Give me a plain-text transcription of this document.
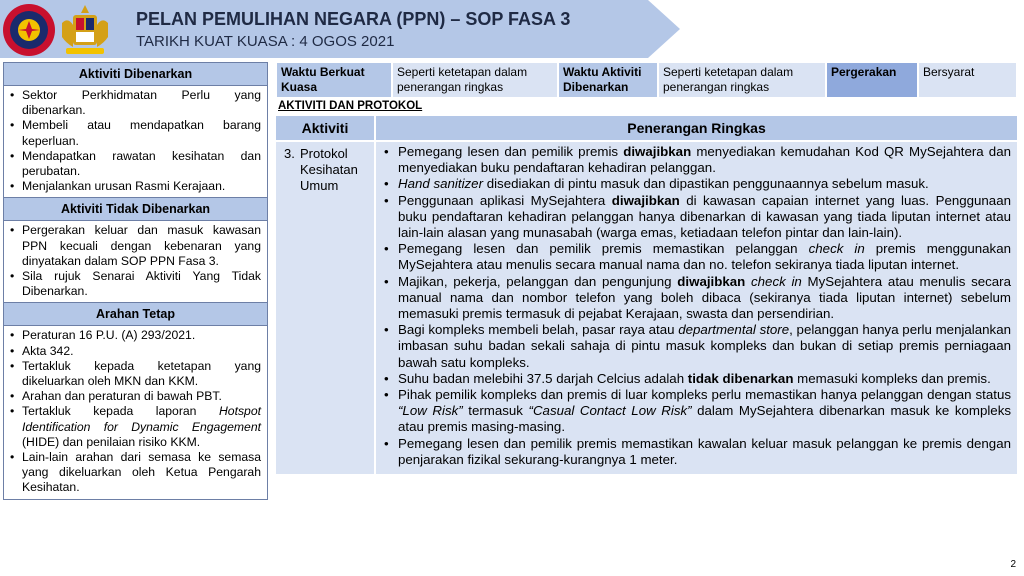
PELAN PEMULIHAN NEGARA (PPN) – SOP FASA 3
TARIKH KUAT KUASA : 4 OGOS 2021
Aktiviti Dibenarkan
• Sektor Perkhidmatan Perlu yang dibenarkan.
• Membeli atau mendapatkan barang keperluan.
• Mendapatkan rawatan kesihatan dan perubatan.
• Menjalankan urusan Rasmi Kerajaan.
Aktiviti Tidak Dibenarkan
• Pergerakan keluar dan masuk kawasan PPN kecuali dengan kebenaran yang dinyatakan dalam SOP PPN Fasa 3.
• Sila rujuk Senarai Aktiviti Yang Tidak Dibenarkan.
Arahan Tetap
• Peraturan 16 P.U. (A) 293/2021.
• Akta 342.
• Tertakluk kepada ketetapan yang dikeluarkan oleh MKN dan KKM.
• Arahan dan peraturan di bawah PBT.
• Tertakluk kepada laporan Hotspot Identification for Dynamic Engagement (HIDE) dan penilaian risiko KKM.
• Lain-lain arahan dari semasa ke semasa yang dikeluarkan oleh Ketua Pengarah Kesihatan.
Waktu Berkuat Kuasa
Seperti ketetapan dalam penerangan ringkas
Waktu Aktiviti Dibenarkan
Seperti ketetapan dalam penerangan ringkas
Pergerakan	Bersyarat
AKTIVITI DAN PROTOKOL
Aktiviti	Penerangan Ringkas
3. Protokol Kesihatan Umum
• Pemegang lesen dan pemilik premis diwajibkan menyediakan kemudahan Kod QR MySejahtera dan menyediakan buku pendaftaran kehadiran pelanggan.
• Hand sanitizer disediakan di pintu masuk dan dipastikan penggunaannya sebelum masuk.
• Penggunaan aplikasi MySejahtera diwajibkan di kawasan capaian internet yang luas. Penggunaan buku pendaftaran kehadiran pelanggan hanya dibenarkan di kawasan yang tiada liputan internet atau lain-lain alasan yang munasabah (warga emas, ketiadaan telefon pintar dan lain-lain).
• Pemegang lesen dan pemilik premis memastikan pelanggan check in premis menggunakan MySejahtera atau menulis secara manual nama dan no. telefon sekiranya tiada liputan internet.
• Majikan, pekerja, pelanggan dan pengunjung diwajibkan check in MySejahtera atau menulis secara manual nama dan nombor telefon yang boleh dibaca (sekiranya tiada liputan internet) sebelum memasuki premis termasuk di pejabat Kerajaan, swasta dan persendirian.
• Bagi kompleks membeli belah, pasar raya atau departmental store, pelanggan hanya perlu menjalankan imbasan suhu badan sekali sahaja di pintu masuk kompleks dan bukan di setiap premis perniagaan bawah satu kompleks.
• Suhu badan melebihi 37.5 darjah Celcius adalah tidak dibenarkan memasuki kompleks dan premis.
• Pihak pemilik kompleks dan premis di luar kompleks perlu memastikan hanya pelanggan dengan status “Low Risk” termasuk “Casual Contact Low Risk” dalam MySejahtera dibenarkan masuk ke kompleks atau premis masing-masing.
• Pemegang lesen dan pemilik premis memastikan kawalan keluar masuk pelanggan ke premis dengan penjarakan fizikal sekurang-kurangnya 1 meter.
2
